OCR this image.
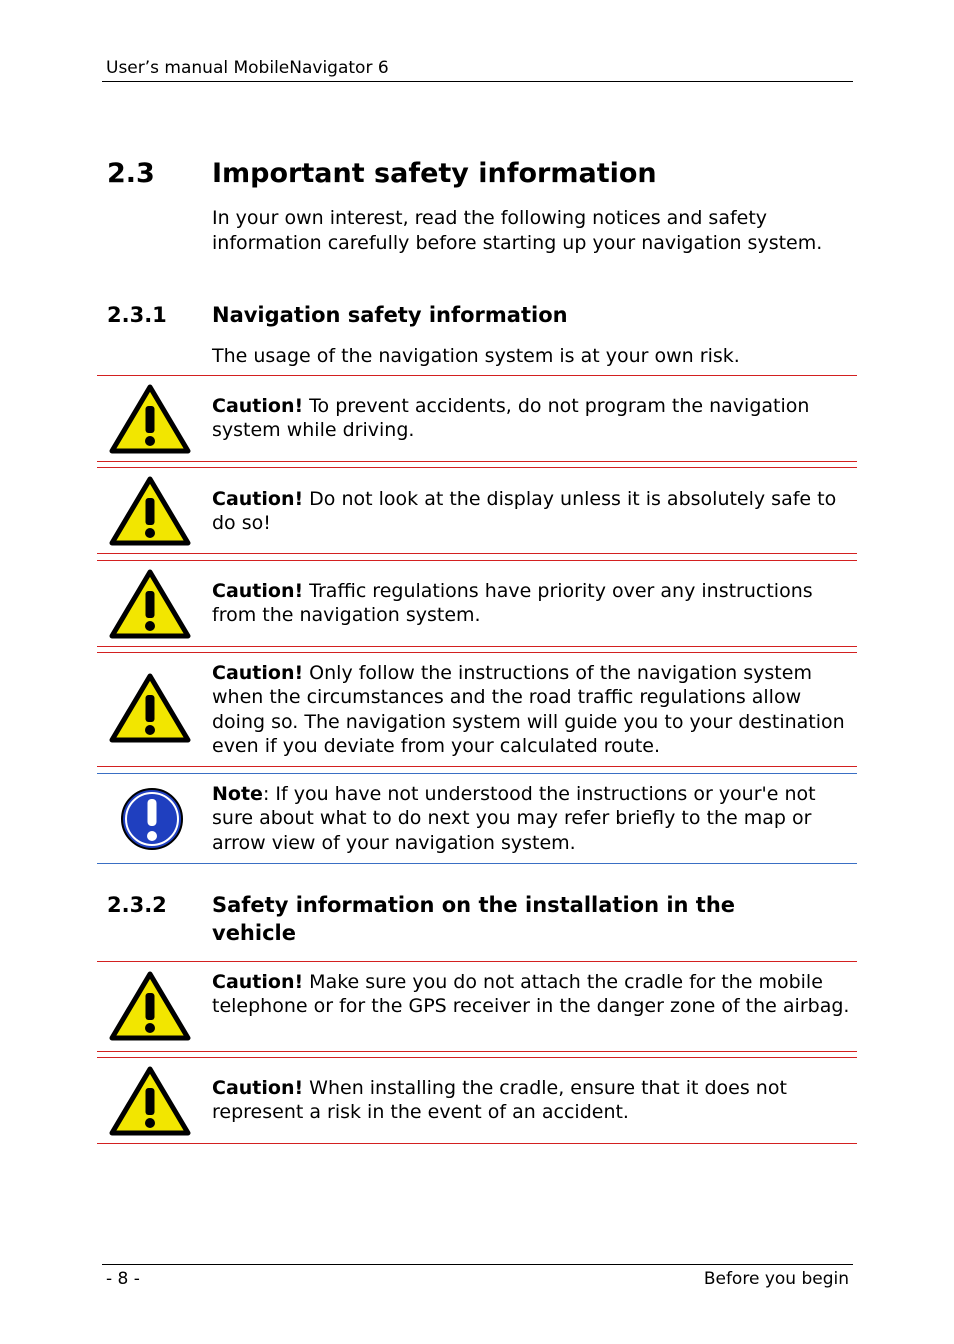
User’s manual MobileNavigator 6
2.3 Important safety information
In your own interest, read the following notices and safety information carefully before starting up your navigation system.
2.3.1 Navigation safety information
The usage of the navigation system is at your own risk.
Caution! To prevent accidents, do not program the navigation system while driving.
Caution! Do not look at the display unless it is absolutely safe to do so!
Caution! Traffic regulations have priority over any instructions from the navigation system.
Caution! Only follow the instructions of the navigation system when the circumstances and the road traffic regulations allow doing so. The navigation system will guide you to your destination even if you deviate from your calculated route.
Note: If you have not understood the instructions or your'e not sure about what to do next you may refer briefly to the map or arrow view of your navigation system.
2.3.2 Safety information on the installation in the vehicle
Caution! Make sure you do not attach the cradle for the mobile telephone or for the GPS receiver in the danger zone of the airbag.
Caution! When installing the cradle, ensure that it does not represent a risk in the event of an accident.
- 8 -	Before you begin
